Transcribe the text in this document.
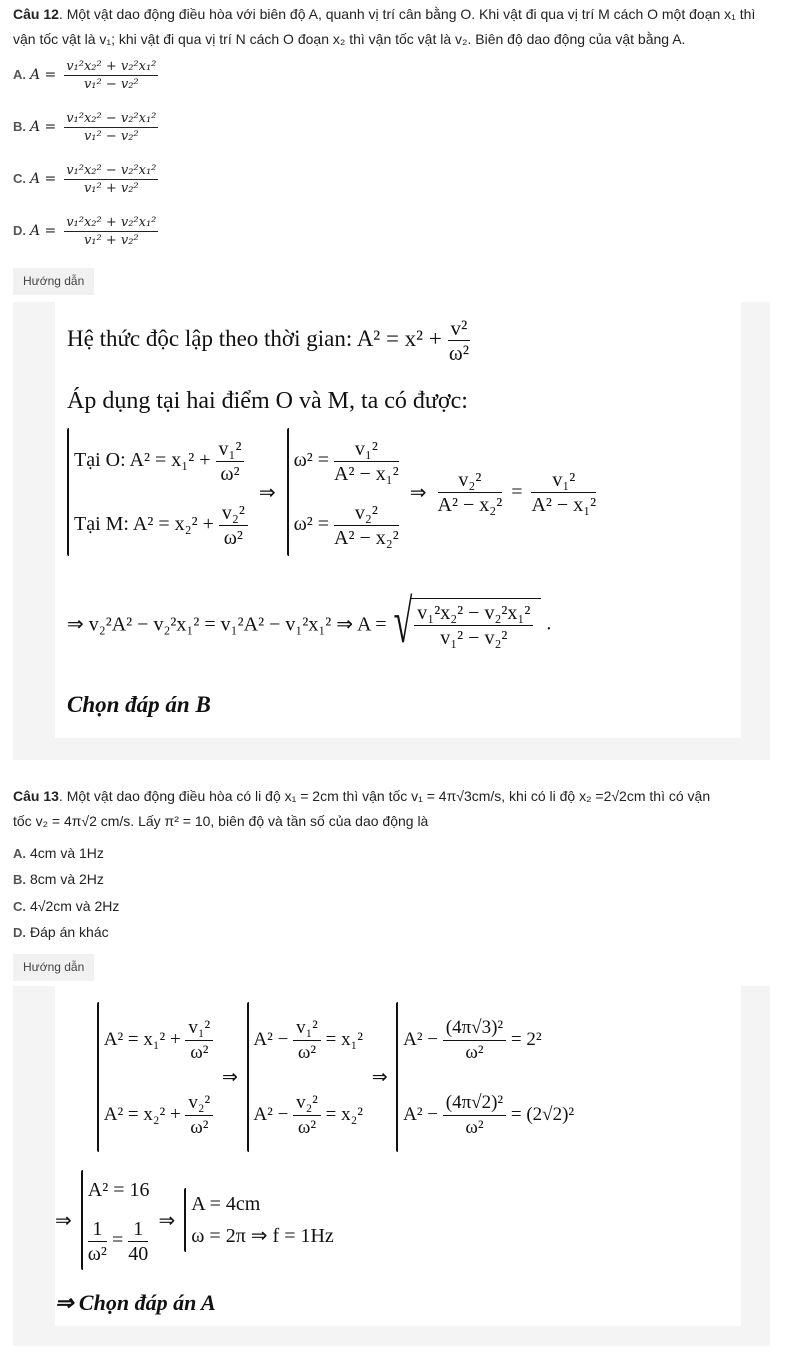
Câu 12. Một vật dao động điều hòa với biên độ A, quanh vị trí cân bằng O. Khi vật đi qua vị trí M cách O một đoạn x₁ thì vận tốc vật là v₁; khi vật đi qua vị trí N cách O đoạn x₂ thì vận tốc vật là v₂. Biên độ dao động của vật bằng A.
A. $A = \frac{\text{v₁²x₂² + v₂²x₁²}}{\text{v₁² − v₂²}}$
B. $A = \frac{\text{v₁²x₂² − v₂²x₁²}}{\text{v₁² − v₂²}}$
C. $A = \frac{\text{v₁²x₂² − v₂²x₁²}}{\text{v₁² + v₂²}}$
D. $A = \frac{\text{v₁²x₂² + v₂²x₁²}}{\text{v₁² + v₂²}}$
Hướng dẫn
Hệ thức độc lập theo thời gian: $A^2 = x^2 + \frac{\text{v²}}{\text{ω²}}$
Áp dụng tại hai điểm O và M, ta có được:

Tại O: $A^2 = x_1^2 + \frac{\text{v₁²}}{\text{ω²}}$
Tại M: $A^2 = x_2^2 + \frac{\text{v₂²}}{\text{ω²}}$
⇒
$\omega^2 = \frac{\text{v₁²}}{\text{A² − x₁²}}$
$\omega^2 = \frac{\text{v₂²}}{\text{A² − x₂²}}$
⇒ $\frac{\text{v₂²}}{\text{A² − x₂²}} = \frac{\text{v₁²}}{\text{A² − x₁²}}$
⇒ v₂²A² − v₂²x₁² = v₁²A² − v₁²x₁² ⇒ A = √
$\frac{\text{v₁²x₂² − v₂²x₁²}}{\text{v₁² − v₂²}}$ .
Chọn đáp án B
Câu 13. Một vật dao động điều hòa có li độ x₁ = 2cm thì vận tốc v₁ = 4π√3cm/s, khi có li độ x₂ =2√2cm thì có vận
tốc v₂ = 4π√2 cm/s. Lấy π² = 10, biên độ và tần số của dao động là
A. 4cm và 1Hz
B. 8cm và 2Hz
C. 4√2cm và 2Hz
D. Đáp án khác
Hướng dẫn

$A^2 = x_1^2 + \frac{\text{v₁²}}{\text{ω²}}$
$A^2 = x_2^2 + \frac{\text{v₂²}}{\text{ω²}}$
⇒
$A^2 - \frac{\text{v₁²}}{\text{ω²}} = x_1^2$
$A^2 - \frac{\text{v₂²}}{\text{ω²}} = x_2^2$
⇒
$A^2 - \frac{\text{(4π√3)²}}{\text{ω²}} = 2^2$
$A^2 - \frac{\text{(4π√2)²}}{\text{ω²}} = (2√2)^2$
⇒
A² = 16
$\frac{1}{\text{ω²}} = \frac{1}{40}$ ⇒
A = 4cm
ω = 2π ⇒ f = 1Hz
⇒ Chọn đáp án A
